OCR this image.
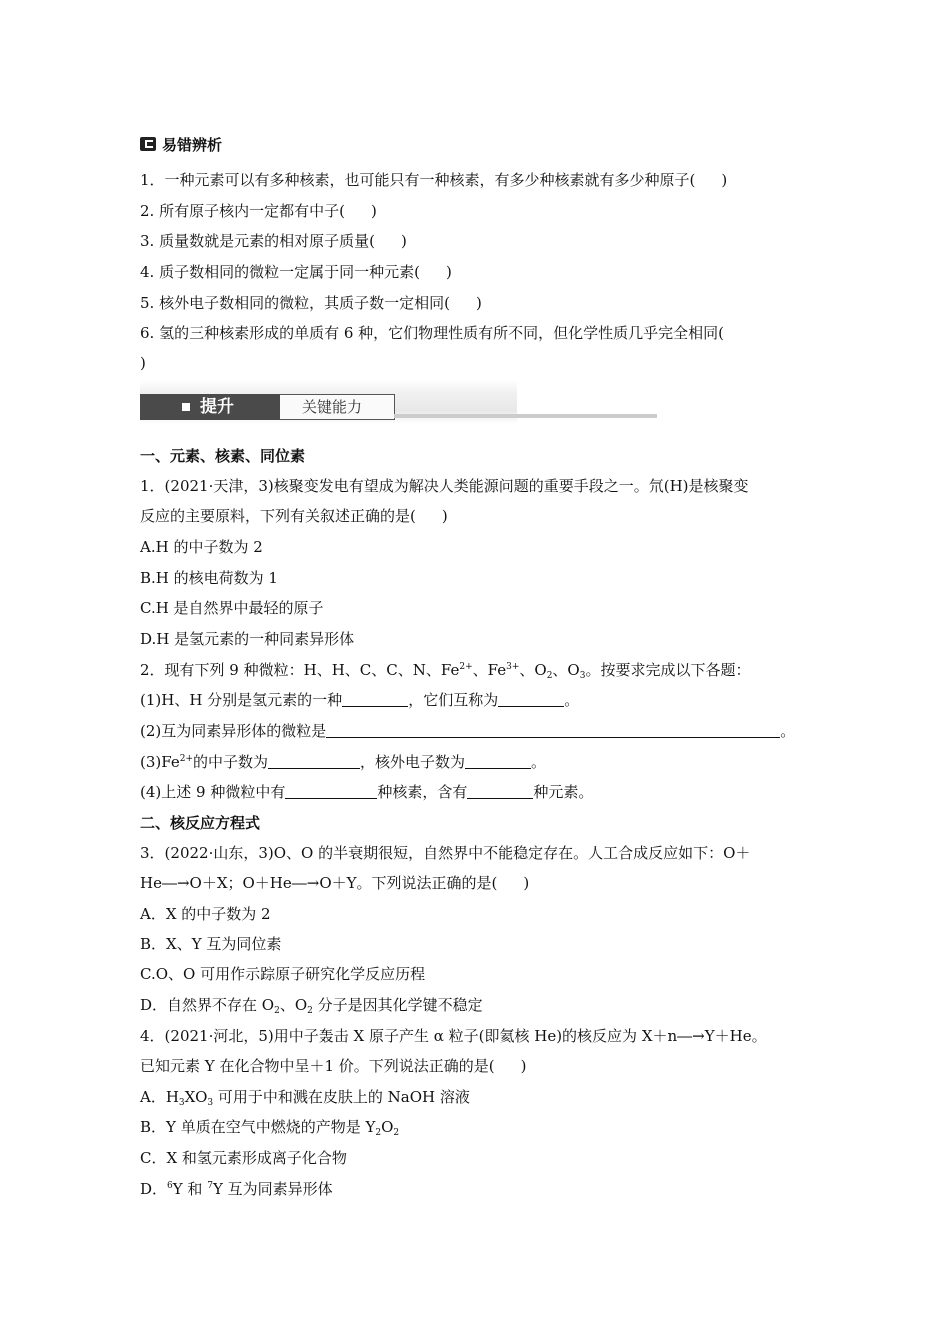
易错辨析
1．一种元素可以有多种核素，也可能只有一种核素，有多少种核素就有多少种原子( )
2. 所有原子核内一定都有中子( )
3. 质量数就是元素的相对原子质量( )
4. 质子数相同的微粒一定属于同一种元素( )
5. 核外电子数相同的微粒，其质子数一定相同( )
6. 氢的三种核素形成的单质有 6 种，它们物理性质有所不同，但化学性质几乎完全相同(
)
提升	关键能力
一、元素、核素、同位素
1．(2021·天津，3)核聚变发电有望成为解决人类能源问题的重要手段之一。氘(H)是核聚变
反应的主要原料，下列有关叙述正确的是( )
A.H 的中子数为 2
B.H 的核电荷数为 1
C.H 是自然界中最轻的原子
D.H 是氢元素的一种同素异形体
2．现有下列 9 种微粒：H、H、C、C、N、$Fe^{2+}$、$Fe^{3+}$、$O_2$、$O_3$。按要求完成以下各题：
(1)H、H 分别是氢元素的一种	，它们互称为	。
(2)互为同素异形体的微粒是	。
$(3)Fe^{2+}$的中子数为	，核外电子数为	。
(4)上述 9 种微粒中有	种核素，含有	种元素。
二、核反应方程式
3．(2022·山东，3)O、O 的半衰期很短，自然界中不能稳定存在。人工合成反应如下：O＋
He―→O＋X；O＋He―→O＋Y。下列说法正确的是( )
A．X 的中子数为 2
B．X、Y 互为同位素
C.O、O 可用作示踪原子研究化学反应历程
D．自然界不存在 $O_2$、$O_2$ 分子是因其化学键不稳定
4．(2021·河北，5)用中子轰击 X 原子产生 α 粒子(即氦核 He)的核反应为 X＋n―→Y＋He。
已知元素 Y 在化合物中呈＋1 价。下列说法正确的是( )
A．$H_3XO_3$ 可用于中和溅在皮肤上的 NaOH 溶液
B．Y 单质在空气中燃烧的产物是 $Y_2O_2$
C．X 和氢元素形成离子化合物
D．$^6$Y 和 $^7$Y 互为同素异形体
